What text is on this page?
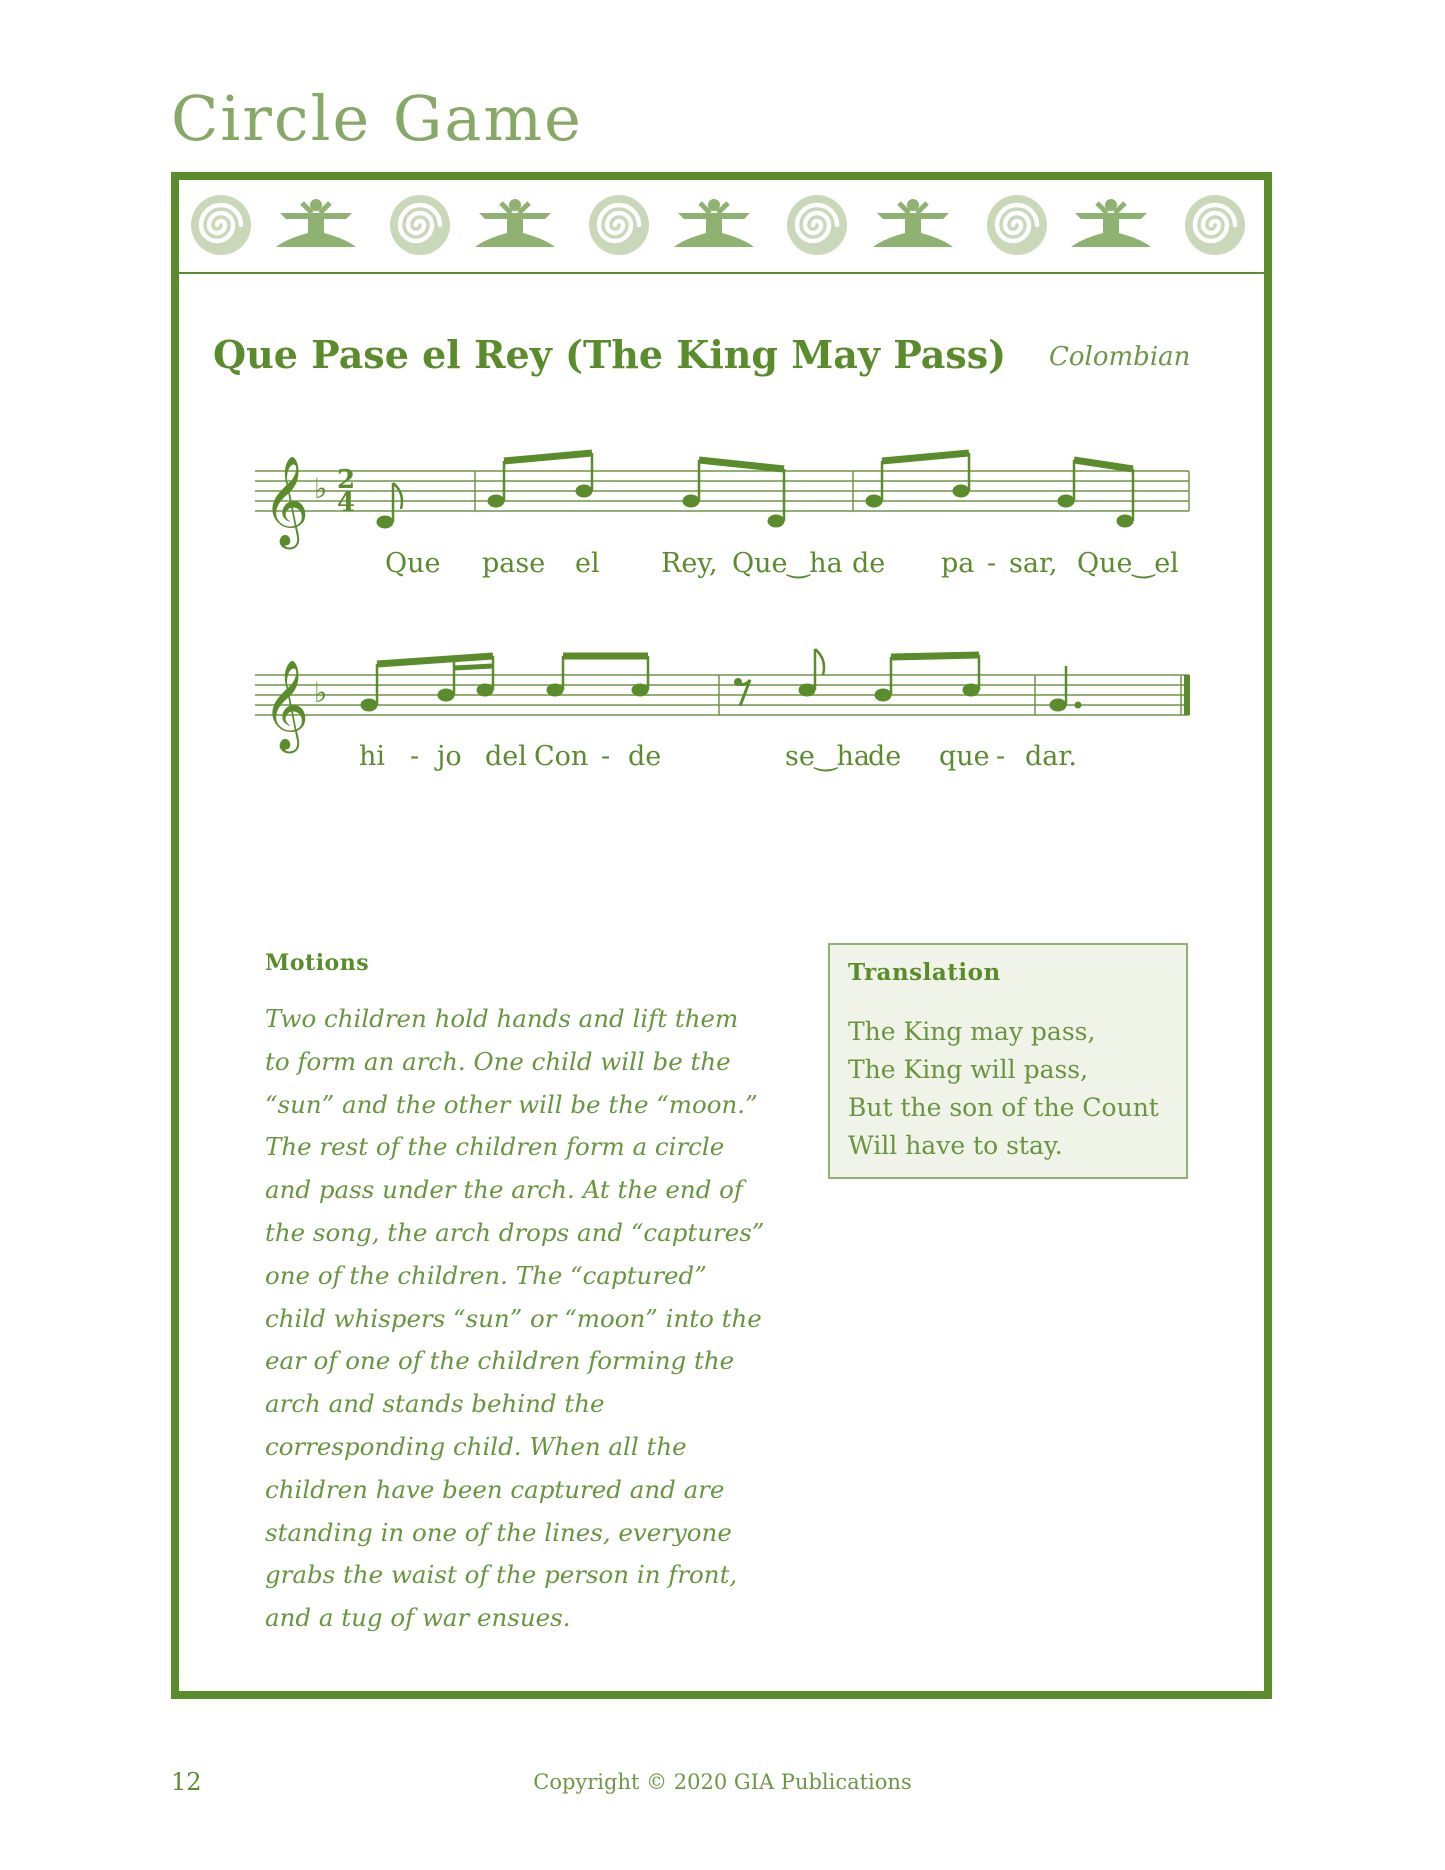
Circle Game
Que Pase el Rey (The King May Pass) Colombian
𝄞 ♭ 2
4
𝄞 ♭
Que pase el Rey, Que‿ha de pa - sar, Que‿el
hi - jo del Con - de	se‿ha
de que - dar.
Motions

Two children hold hands and lift them to form an arch. One child will be the “sun” and the other will be the “moon.” The rest of the children form a circle and pass under the arch. At the end of the song, the arch drops and “captures” one of the children. The “captured” child whispers “sun” or “moon” into the ear of one of the children forming the arch and stands behind the corresponding child. When all the children have been captured and are standing in one of the lines, everyone grabs the waist of the person in front, and a tug of war ensues.

Translation
The King may pass,
The King will pass,
But the son of the Count
Will have to stay.
12	Copyright © 2020 GIA Publications
